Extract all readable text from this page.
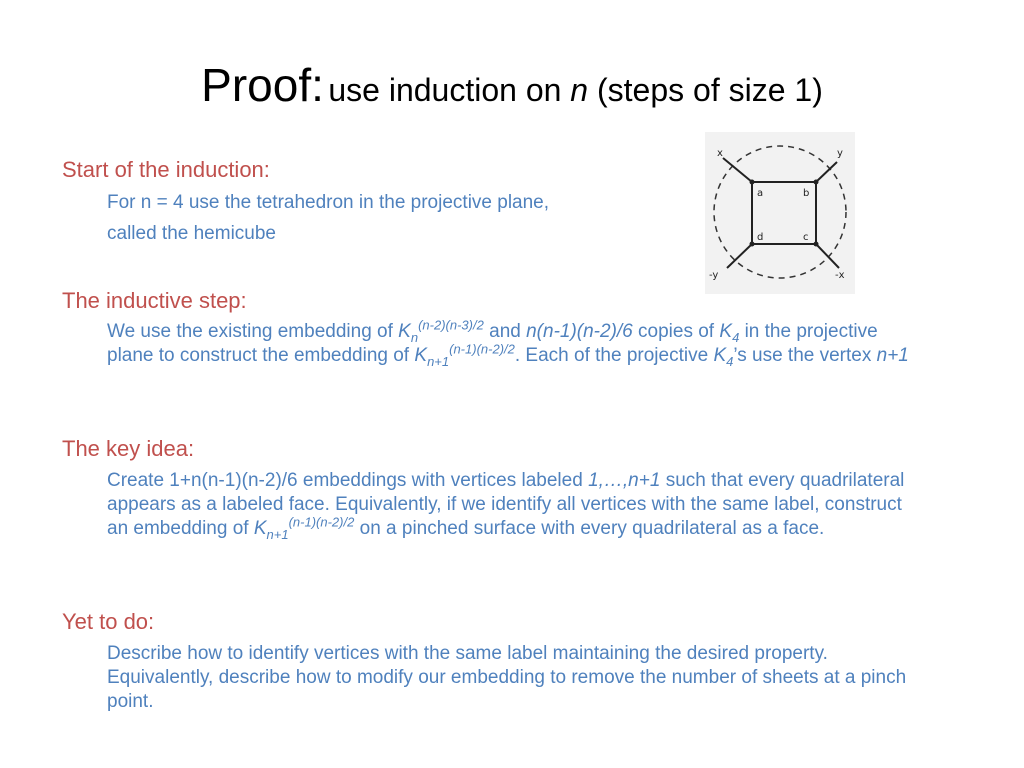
Proof: use induction on n (steps of size 1)
Start of the induction:
For n = 4 use the tetrahedron in the projective plane,
called the hemicube
The inductive step:
We use the existing embedding of $K_n^{(n-2)(n-3)/2}$ and n(n-1)(n-2)/6 copies of $K_4$ in the projective plane to construct the embedding of $K_{n+1}^{(n-1)(n-2)/2}$. Each of the projective $K_4’s$ use the vertex n+1
The key idea:
Create 1+n(n-1)(n-2)/6 embeddings with vertices labeled 1,…,n+1 such that every quadrilateral appears as a labeled face. Equivalently, if we identify all vertices with the same label, construct an embedding of $K_{n+1}^{(n-1)(n-2)/2}$ on a pinched surface with every quadrilateral as a face.
Yet to do:
Describe how to identify vertices with the same label maintaining the desired property. Equivalently, describe how to modify our embedding to remove the number of sheets at a pinch point.
a	b
c
d
x	y
-y	-x
